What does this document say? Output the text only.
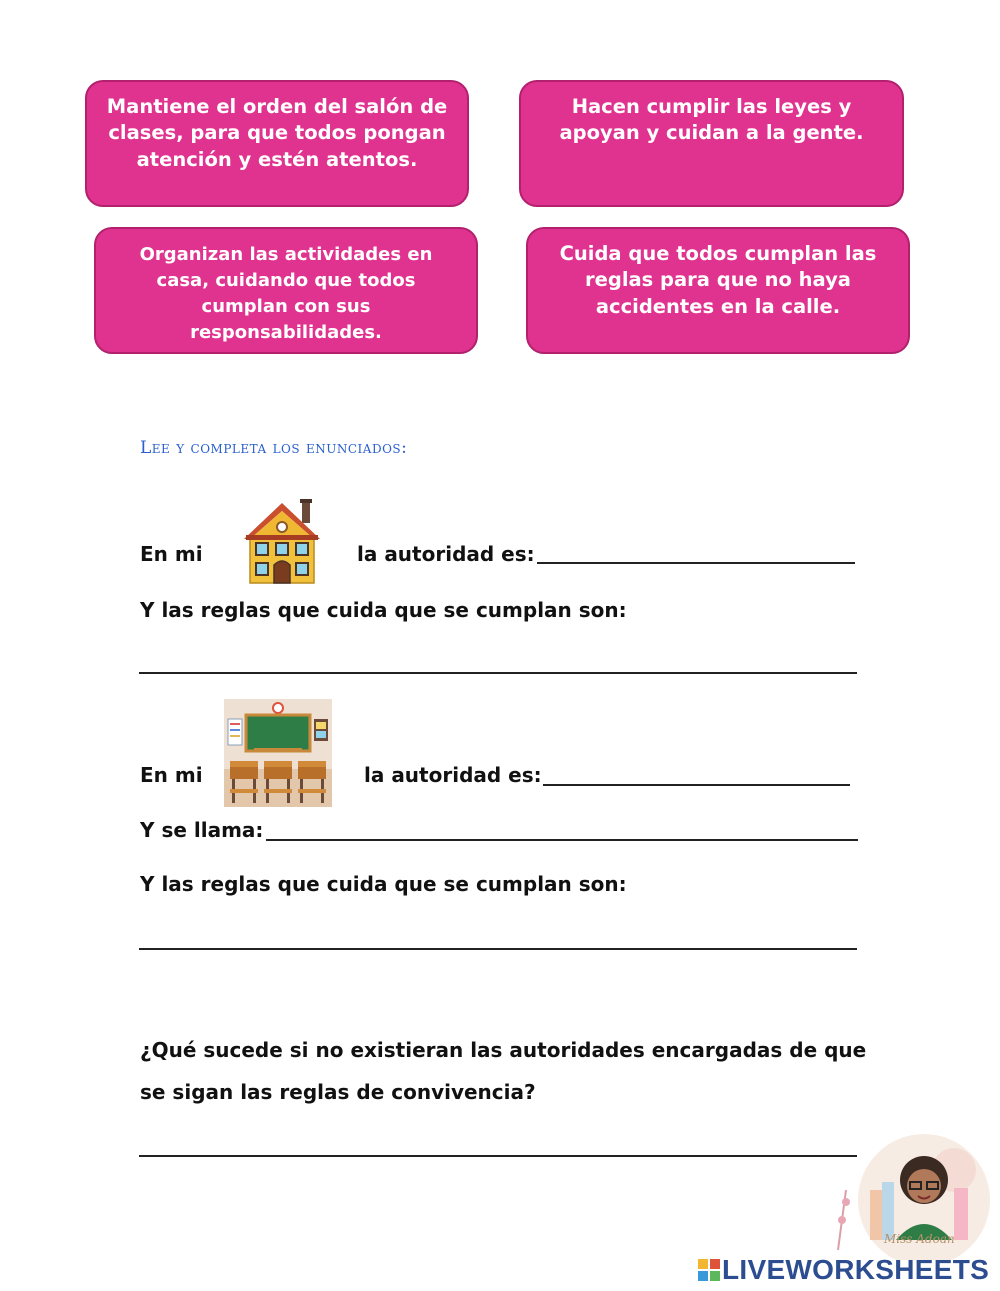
Mantiene el orden del salón de clases, para que todos pongan atención y estén atentos.
Hacen cumplir las leyes y apoyan y cuidan a la gente.
Organizan las actividades en casa, cuidando que todos cumplan con sus responsabilidades.
Cuida que todos cumplan las reglas para que no haya accidentes en la calle.
Lee y completa los enunciados:
En mi	la autoridad es:
Y las reglas que cuida que se cumplan son:
En mi	la autoridad es:
Y se llama:
Y las reglas que cuida que se cumplan son:
¿Qué sucede si no existieran las autoridades encargadas de que
se sigan las reglas de convivencia?
Miss Adoan
LIVEWORKSHEETS
